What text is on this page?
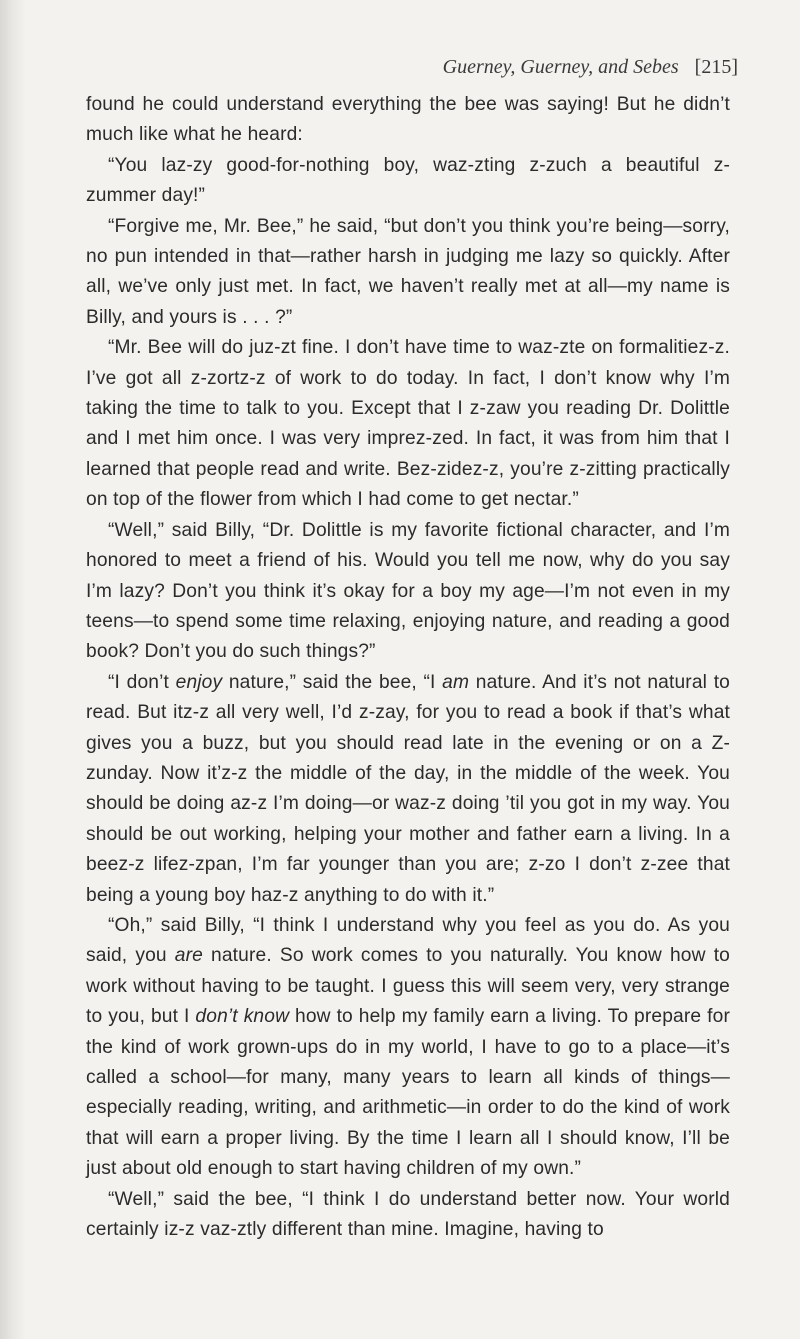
Guerney, Guerney, and Sebes [215]

found he could understand everything the bee was saying! But he didn’t much like what he heard:

“You laz-zy good-for-nothing boy, waz-zting z-zuch a beautiful z-zummer day!”

“Forgive me, Mr. Bee,” he said, “but don’t you think you’re being—sorry, no pun intended in that—rather harsh in judging me lazy so quickly. After all, we’ve only just met. In fact, we haven’t really met at all—my name is Billy, and yours is . . . ?”

“Mr. Bee will do juz-zt fine. I don’t have time to waz-zte on formalitiez-z. I’ve got all z-zortz-z of work to do today. In fact, I don’t know why I’m taking the time to talk to you. Except that I z-zaw you reading Dr. Dolittle and I met him once. I was very imprez-zed. In fact, it was from him that I learned that people read and write. Bez-zidez-z, you’re z-zitting practically on top of the flower from which I had come to get nectar.”

“Well,” said Billy, “Dr. Dolittle is my favorite fictional character, and I’m honored to meet a friend of his. Would you tell me now, why do you say I’m lazy? Don’t you think it’s okay for a boy my age—I’m not even in my teens—to spend some time relaxing, enjoying nature, and reading a good book? Don’t you do such things?”

“I don’t enjoy nature,” said the bee, “I am nature. And it’s not natural to read. But itz-z all very well, I’d z-zay, for you to read a book if that’s what gives you a buzz, but you should read late in the evening or on a Z-zunday. Now it’z-z the middle of the day, in the middle of the week. You should be doing az-z I’m doing—or waz-z doing ’til you got in my way. You should be out working, helping your mother and father earn a living. In a beez-z lifez-zpan, I’m far younger than you are; z-zo I don’t z-zee that being a young boy haz-z anything to do with it.”

“Oh,” said Billy, “I think I understand why you feel as you do. As you said, you are nature. So work comes to you naturally. You know how to work without having to be taught. I guess this will seem very, very strange to you, but I don’t know how to help my family earn a living. To prepare for the kind of work grown-ups do in my world, I have to go to a place—it’s called a school—for many, many years to learn all kinds of things—especially reading, writing, and arithmetic—in order to do the kind of work that will earn a proper living. By the time I learn all I should know, I’ll be just about old enough to start having children of my own.”

“Well,” said the bee, “I think I do understand better now. Your world certainly iz-z vaz-ztly different than mine. Imagine, having to
